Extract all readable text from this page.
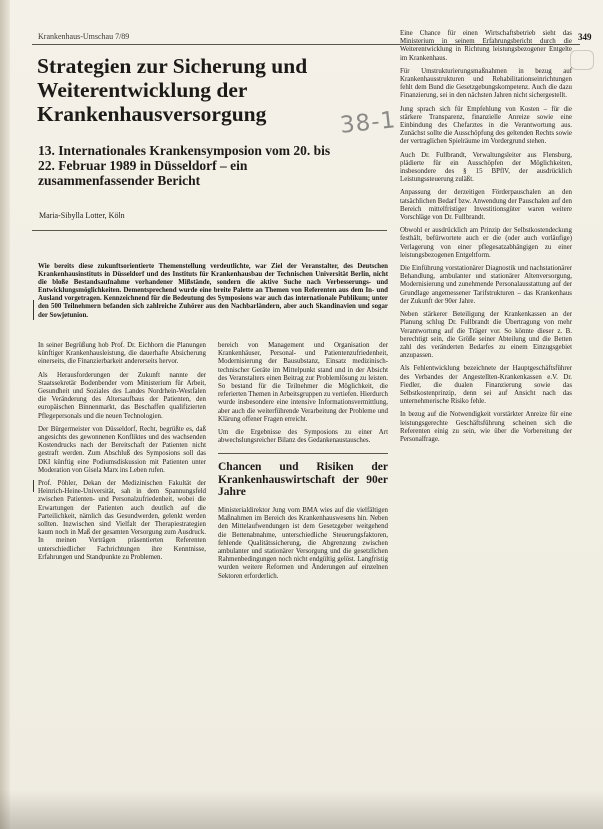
Krankenhaus-Umschau 7/89	349
Strategien zur Sicherung und Weiterentwicklung der Krankenhausversorgung
13. Internationales Krankensymposion vom 20. bis 22. Februar 1989 in Düsseldorf – ein zusammenfassender Bericht
Maria-Sibylla Lotter, Köln
38-1

Wie bereits diese zukunftsorientierte Themenstellung verdeutlichte, war Ziel der Veranstalter, des Deutschen Krankenhausinstituts in Düsseldorf und des Instituts für Krankenhausbau der Technischen Universität Berlin, nicht die bloße Bestandsaufnahme vorhandener Mißstände, sondern die aktive Suche nach Verbesserungs- und Entwicklungsmöglichkeiten. Dementsprechend wurde eine breite Palette an Themen von Referenten aus dem In- und Ausland vorgetragen. Kennzeichnend für die Bedeutung des Symposions war auch das internationale Publikum; unter den 500 Teilnehmern befanden sich zahlreiche Zuhörer aus den Nachbarländern, aber auch Skandinavien und sogar der Sowjetunion.

In seiner Begrüßung hob Prof. Dr. Eichhorn die Planungen künftiger Krankenhausleistung, die dauerhafte Absicherung einerseits, die Finanzierbarkeit andererseits hervor.

Als Herausforderungen der Zukunft nannte der Staatssekretär Bodenbender vom Ministerium für Arbeit, Gesundheit und Soziales des Landes Nordrhein-Westfalen die Veränderung des Altersaufbaus der Patienten, den europäischen Binnenmarkt, das Beschaffen qualifizierten Pflegepersonals und die neuen Technologien.

Der Bürgermeister von Düsseldorf, Recht, begrüßte es, daß angesichts des gewonnenen Konfliktes und des wachsenden Kostendrucks nach der Bereitschaft der Patienten nicht gestraft werden. Zum Abschluß des Symposions soll das DKI künftig eine Podiumsdiskussion mit Patienten unter Moderation von Gisela Marx ins Leben rufen.

Prof. Pöhler, Dekan der Medizinischen Fakultät der Heinrich-Heine-Universität, sah in dem Spannungsfeld zwischen Patienten- und Personalzufriedenheit, wobei die Erwartungen der Patienten auch deutlich auf die Parteilichkeit, nämlich das Gesundwerden, gelenkt werden sollten. Inzwischen sind Vielfalt der Therapiestrategien kaum noch in Maß der gesamten Versorgung zum Ausdruck. In meinen Vorträgen präsentierten Referenten unterschiedlicher Fachrichtungen ihre Kenntnisse, Erfahrungen und Standpunkte zu Problemen.

bereich von Management und Organisation der Krankenhäuser, Personal- und Patientenzufriedenheit, Modernisierung der Bausubstanz, Einsatz medizinisch-technischer Geräte im Mittelpunkt stand und in der Absicht des Veranstalters einen Beitrag zur Problemlösung zu leisten. So bestand für die Teilnehmer die Möglichkeit, die referierten Themen in Arbeitsgruppen zu vertiefen. Hierdurch wurde insbesondere eine intensive Informationsvermittlung, aber auch die weiterführende Verarbeitung der Probleme und Klärung offener Fragen erreicht.

Um die Ergebnisse des Symposions zu einer Art abwechslungsreicher Bilanz des Gedankenaustausches.

Chancen und Risiken der Krankenhauswirtschaft der 90er Jahre

Ministerialdirektor Jung vom BMA wies auf die vielfältigen Maßnahmen im Bereich des Krankenhauswesens hin. Neben den Mittelaufwendungen ist dem Gesetzgeber weitgehend die Bettenabnahme, unterschiedliche Steuerungsfaktoren, fehlende Qualitätssicherung, die Abgrenzung zwischen ambulanter und stationärer Versorgung und die gesetzlichen Rahmenbedingungen noch nicht endgültig gelöst. Langfristig wurden weitere Reformen und Änderungen auf einzelnen Sektoren erforderlich.

Eine Chance für einen Wirtschaftsbetrieb sieht das Ministerium in seinem Erfahrungsbericht durch die Weiterentwicklung in Richtung leistungsbezogener Entgelte im Krankenhaus.

Für Umstrukturierungsmaßnahmen in bezug auf Krankenhausstrukturen und Rehabilitationseinrichtungen fehlt dem Bund die Gesetzgebungskompetenz. Auch die dazu Finanzierung, sei in den nächsten Jahren nicht sichergestellt.

Jung sprach sich für Empfehlung von Kosten – für die stärkere Transparenz, finanzielle Anreize sowie eine Einbindung des Chefarztes in die Verantwortung aus. Zunächst sollte die Ausschöpfung des geltenden Rechts sowie der vertraglichen Spielräume im Vordergrund stehen.

Auch Dr. Fullbrandt, Verwaltungsleiter aus Flensburg, plädierte für ein Ausschöpfen der Möglichkeiten, insbesondere des § 15 BPflV, der ausdrücklich Leistungssteuerung zuläßt.

Anpassung der derzeitigen Förderpauschalen an den tatsächlichen Bedarf bzw. Anwendung der Pauschalen auf den Bereich mittelfristiger Investitionsgüter waren weitere Vorschläge von Dr. Fullbrandt.

Obwohl er ausdrücklich am Prinzip der Selbstkostendeckung festhält, befürwortete auch er die (oder auch vorläufige) Verlagerung von einer pflegesatzabhängigen zu einer leistungsbezogenen Entgeltform.

Die Einführung vorstationärer Diagnostik und nachstationärer Behandlung, ambulanter und stationärer Altenversorgung, Modernisierung und zunehmende Personalausstattung auf der Grundlage angemessener Tarifstrukturen – das Krankenhaus der Zukunft der 90er Jahre.

Neben stärkerer Beteiligung der Krankenkassen an der Planung schlug Dr. Fullbrandt die Übertragung von mehr Verantwortung auf die Träger vor. So könnte dieser z. B. berechtigt sein, die Größe seiner Abteilung und die Betten zahl des veränderten Bedarfes zu einem Einzugsgebiet anzupassen.

Als Fehlentwicklung bezeichnete der Hauptgeschäftsführer des Verbandes der Angestellten-Krankenkassen e.V. Dr. Fiedler, die dualen Finanzierung sowie das Selbstkostenprinzip, denn sei auf Ansicht nach das unternehmerische Risiko fehle.

In bezug auf die Notwendigkeit vorstärkter Anreize für eine leistungsgerechte Geschäftsführung scheinen sich die Referenten einig zu sein, wie über die Vorbereitung der Personalfrage.
